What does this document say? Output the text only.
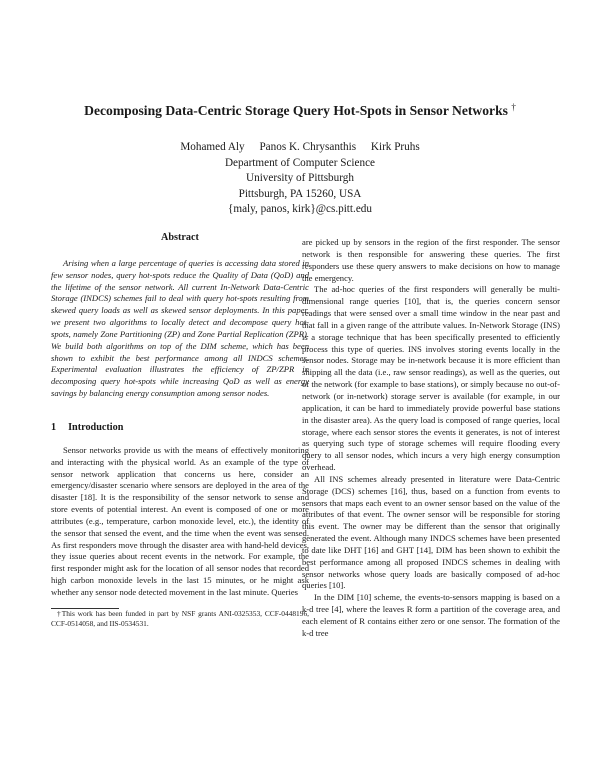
Decomposing Data-Centric Storage Query Hot-Spots in Sensor Networks †
Mohamed Aly Panos K. Chrysanthis Kirk Pruhs
Department of Computer Science
University of Pittsburgh
Pittsburgh, PA 15260, USA
{maly, panos, kirk}@cs.pitt.edu
Abstract

Arising when a large percentage of queries is accessing data stored in few sensor nodes, query hot-spots reduce the Quality of Data (QoD) and the lifetime of the sensor network. All current In-Network Data-Centric Storage (INDCS) schemes fail to deal with query hot-spots resulting from skewed query loads as well as skewed sensor deployments. In this paper, we present two algorithms to locally detect and decompose query hot-spots, namely Zone Partitioning (ZP) and Zone Partial Replication (ZPR). We build both algorithms on top of the DIM scheme, which has been shown to exhibit the best performance among all INDCS schemes. Experimental evaluation illustrates the efficiency of ZP/ZPR in decomposing query hot-spots while increasing QoD as well as energy savings by balancing energy consumption among sensor nodes.

1 Introduction

Sensor networks provide us with the means of effectively monitoring and interacting with the physical world. As an example of the type of sensor network application that concerns us here, consider an emergency/disaster scenario where sensors are deployed in the area of the disaster [18]. It is the responsibility of the sensor network to sense and store events of potential interest. An event is composed of one or more attributes (e.g., temperature, carbon monoxide level, etc.), the identity of the sensor that sensed the event, and the time when the event was sensed. As first responders move through the disaster area with hand-held devices, they issue queries about recent events in the network. For example, the first responder might ask for the location of all sensor nodes that recorded high carbon monoxide levels in the last 15 minutes, or he might ask whether any sensor node detected movement in the last minute. Queries

†This work has been funded in part by NSF grants ANI-0325353, CCF-0448196, CCF-0514058, and IIS-0534531.

are picked up by sensors in the region of the first responder. The sensor network is then responsible for answering these queries. The first responders use these query answers to make decisions on how to manage the emergency.

The ad-hoc queries of the first responders will generally be multi-dimensional range queries [10], that is, the queries concern sensor readings that were sensed over a small time window in the near past and that fall in a given range of the attribute values. In-Network Storage (INS) is a storage technique that has been specifically presented to efficiently process this type of queries. INS involves storing events locally in the sensor nodes. Storage may be in-network because it is more efficient than shipping all the data (i.e., raw sensor readings), as well as the queries, out of the network (for example to base stations), or simply because no out-of-network (or in-network) storage server is available (for example, in our application, it can be hard to immediately provide powerful base stations in the disaster area). As the query load is composed of range queries, local storage, where each sensor stores the events it generates, is not of interest as querying such type of storage schemes will require flooding every query to all sensor nodes, which incurs a very high energy consumption overhead.

All INS schemes already presented in literature were Data-Centric Storage (DCS) schemes [16], thus, based on a function from events to sensors that maps each event to an owner sensor based on the value of the attributes of that event. The owner sensor will be responsible for storing this event. The owner may be different than the sensor that originally generated the event. Although many INDCS schemes have been presented to date like DHT [16] and GHT [14], DIM has been shown to exhibit the best performance among all proposed INDCS schemes in dealing with sensor networks whose query loads are basically composed of ad-hoc queries [10].

In the DIM [10] scheme, the events-to-sensors mapping is based on a k-d tree [4], where the leaves R form a partition of the coverage area, and each element of R contains either zero or one sensor. The formation of the k-d tree
